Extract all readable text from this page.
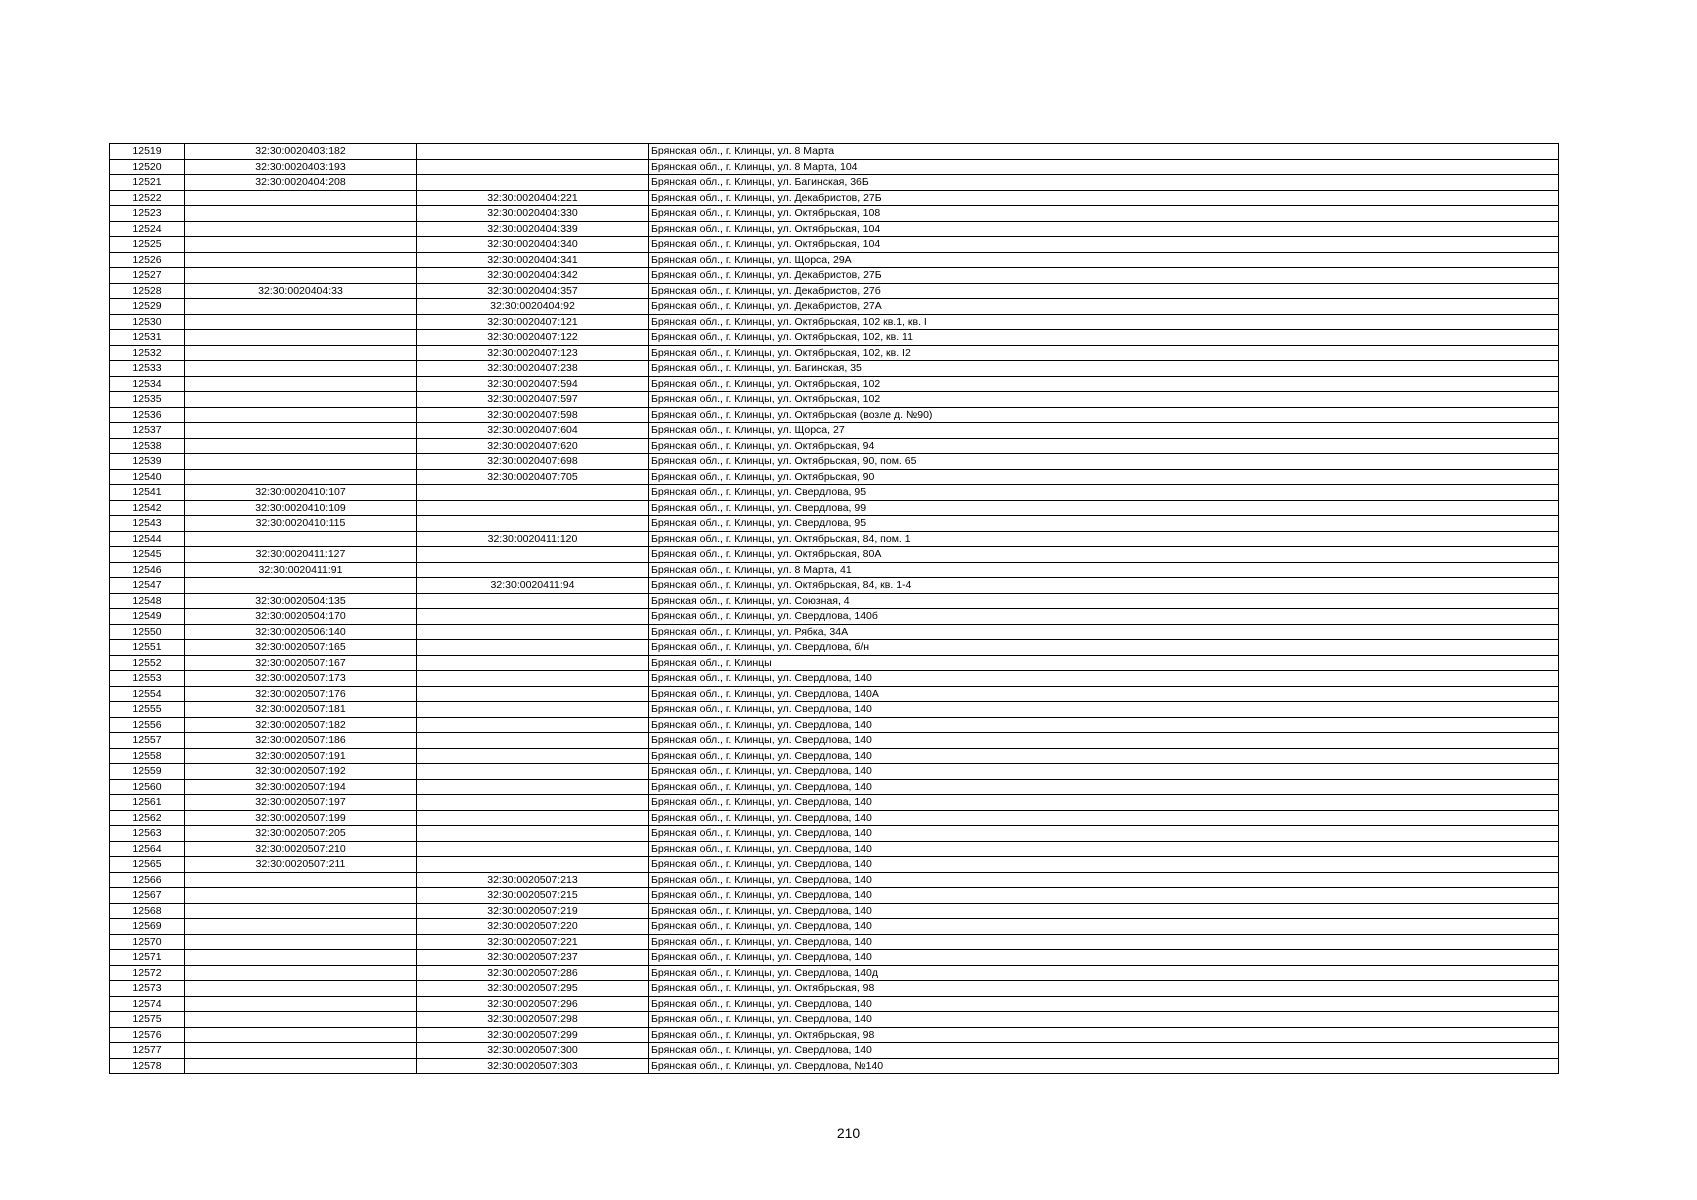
12519	32:30:0020403:182		Брянская обл., г. Клинцы, ул. 8 Марта
12520	32:30:0020403:193		Брянская обл., г. Клинцы, ул. 8 Марта, 104
12521	32:30:0020404:208		Брянская обл., г. Клинцы, ул. Багинская, 36Б
12522		32:30:0020404:221	Брянская обл., г. Клинцы, ул. Декабристов, 27Б
12523		32:30:0020404:330	Брянская обл., г. Клинцы, ул. Октябрьская, 108
12524		32:30:0020404:339	Брянская обл., г. Клинцы, ул. Октябрьская, 104
12525		32:30:0020404:340	Брянская обл., г. Клинцы, ул. Октябрьская, 104
12526		32:30:0020404:341	Брянская обл., г. Клинцы, ул. Щорса, 29А
12527		32:30:0020404:342	Брянская обл., г. Клинцы, ул. Декабристов, 27Б
12528	32:30:0020404:33	32:30:0020404:357	Брянская обл., г. Клинцы, ул. Декабристов, 27б
12529		32:30:0020404:92	Брянская обл., г. Клинцы, ул. Декабристов, 27А
12530		32:30:0020407:121	Брянская обл., г. Клинцы, ул. Октябрьская, 102 кв.1, кв. I
12531		32:30:0020407:122	Брянская обл., г. Клинцы, ул. Октябрьская, 102, кв. 11
12532		32:30:0020407:123	Брянская обл., г. Клинцы, ул. Октябрьская, 102, кв. I2
12533		32:30:0020407:238	Брянская обл., г. Клинцы, ул. Багинская, 35
12534		32:30:0020407:594	Брянская обл., г. Клинцы, ул. Октябрьская, 102
12535		32:30:0020407:597	Брянская обл., г. Клинцы, ул. Октябрьская, 102
12536		32:30:0020407:598	Брянская обл., г. Клинцы, ул. Октябрьская (возле д. №90)
12537		32:30:0020407:604	Брянская обл., г. Клинцы, ул. Щорса, 27
12538		32:30:0020407:620	Брянская обл., г. Клинцы, ул. Октябрьская, 94
12539		32:30:0020407:698	Брянская обл., г. Клинцы, ул. Октябрьская, 90, пом. 65
12540		32:30:0020407:705	Брянская обл., г. Клинцы, ул. Октябрьская, 90
12541	32:30:0020410:107		Брянская обл., г. Клинцы, ул. Свердлова, 95
12542	32:30:0020410:109		Брянская обл., г. Клинцы, ул. Свердлова, 99
12543	32:30:0020410:115		Брянская обл., г. Клинцы, ул. Свердлова, 95
12544		32:30:0020411:120	Брянская обл., г. Клинцы, ул. Октябрьская, 84, пом. 1
12545	32:30:0020411:127		Брянская обл., г. Клинцы, ул. Октябрьская, 80А
12546	32:30:0020411:91		Брянская обл., г. Клинцы, ул. 8 Марта, 41
12547		32:30:0020411:94	Брянская обл., г. Клинцы, ул. Октябрьская, 84, кв. 1-4
12548	32:30:0020504:135		Брянская обл., г. Клинцы, ул. Союзная, 4
12549	32:30:0020504:170		Брянская обл., г. Клинцы, ул. Свердлова, 140б
12550	32:30:0020506:140		Брянская обл., г. Клинцы, ул. Рябка, 34А
12551	32:30:0020507:165		Брянская обл., г. Клинцы, ул. Свердлова, б/н
12552	32:30:0020507:167		Брянская обл., г. Клинцы
12553	32:30:0020507:173		Брянская обл., г. Клинцы, ул. Свердлова, 140
12554	32:30:0020507:176		Брянская обл., г. Клинцы, ул. Свердлова, 140А
12555	32:30:0020507:181		Брянская обл., г. Клинцы, ул. Свердлова, 140
12556	32:30:0020507:182		Брянская обл., г. Клинцы, ул. Свердлова, 140
12557	32:30:0020507:186		Брянская обл., г. Клинцы, ул. Свердлова, 140
12558	32:30:0020507:191		Брянская обл., г. Клинцы, ул. Свердлова, 140
12559	32:30:0020507:192		Брянская обл., г. Клинцы, ул. Свердлова, 140
12560	32:30:0020507:194		Брянская обл., г. Клинцы, ул. Свердлова, 140
12561	32:30:0020507:197		Брянская обл., г. Клинцы, ул. Свердлова, 140
12562	32:30:0020507:199		Брянская обл., г. Клинцы, ул. Свердлова, 140
12563	32:30:0020507:205		Брянская обл., г. Клинцы, ул. Свердлова, 140
12564	32:30:0020507:210		Брянская обл., г. Клинцы, ул. Свердлова, 140
12565	32:30:0020507:211		Брянская обл., г. Клинцы, ул. Свердлова, 140
12566		32:30:0020507:213	Брянская обл., г. Клинцы, ул. Свердлова, 140
12567		32:30:0020507:215	Брянская обл., г. Клинцы, ул. Свердлова, 140
12568		32:30:0020507:219	Брянская обл., г. Клинцы, ул. Свердлова, 140
12569		32:30:0020507:220	Брянская обл., г. Клинцы, ул. Свердлова, 140
12570		32:30:0020507:221	Брянская обл., г. Клинцы, ул. Свердлова, 140
12571		32:30:0020507:237	Брянская обл., г. Клинцы, ул. Свердлова, 140
12572		32:30:0020507:286	Брянская обл., г. Клинцы, ул. Свердлова, 140д
12573		32:30:0020507:295	Брянская обл., г. Клинцы, ул. Октябрьская, 98
12574		32:30:0020507:296	Брянская обл., г. Клинцы, ул. Свердлова, 140
12575		32:30:0020507:298	Брянская обл., г. Клинцы, ул. Свердлова, 140
12576		32:30:0020507:299	Брянская обл., г. Клинцы, ул. Октябрьская, 98
12577		32:30:0020507:300	Брянская обл., г. Клинцы, ул. Свердлова, 140
12578		32:30:0020507:303	Брянская обл., г. Клинцы, ул. Свердлова, №140
210
